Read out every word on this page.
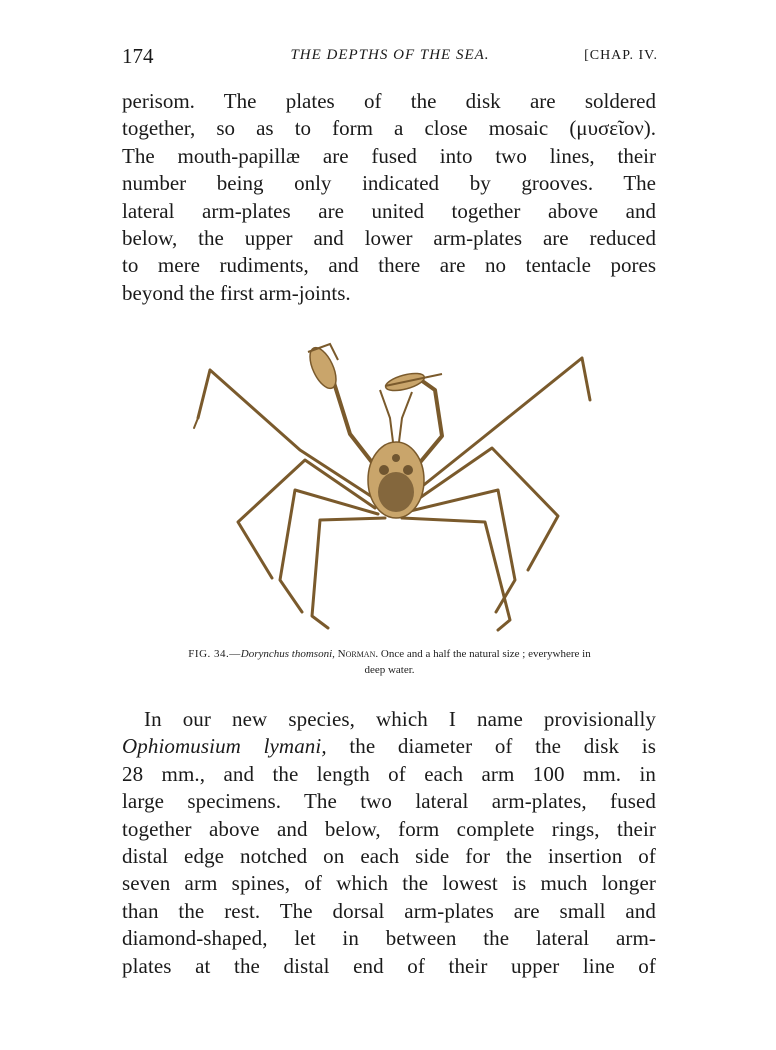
174	THE DEPTHS OF THE SEA.	[CHAP. IV.

perisom. The plates of the disk are soldered
together, so as to form a close mosaic (μυσεῖον).
The mouth-papillæ are fused into two lines, their
number being only indicated by grooves. The
lateral arm-plates are united together above and
below, the upper and lower arm-plates are reduced
to mere rudiments, and there are no tentacle pores
beyond the first arm-joints.

FIG. 34.—Dorynchus thomsoni, Norman. Once and a half the natural size ; everywhere in
deep water.

In our new species, which I name provisionally
Ophiomusium lymani, the diameter of the disk is
28 mm., and the length of each arm 100 mm. in
large specimens. The two lateral arm-plates, fused
together above and below, form complete rings, their
distal edge notched on each side for the insertion of
seven arm spines, of which the lowest is much longer
than the rest. The dorsal arm-plates are small and
diamond-shaped, let in between the lateral arm-
plates at the distal end of their upper line of
